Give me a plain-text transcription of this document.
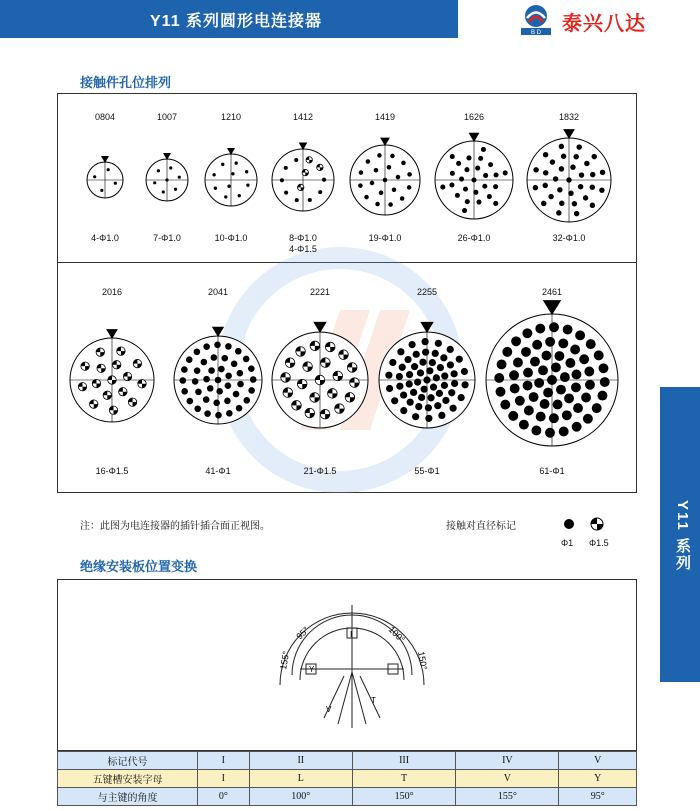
Y11 系列圆形电连接器
B D 泰兴八达
接触件孔位排列
0804
4-Φ1.0
1007
7-Φ1.0
1210
10-Φ1.0
1412
8-Φ1.0
4-Φ1.5
1419
19-Φ1.0
1626
26-Φ1.0
1832
32-Φ1.0
2016
16-Φ1.5
2041
41-Φ1
2221
21-Φ1.5
2255
55-Φ1
2461
61-Φ1
Y11 系列
注：此图为电连接器的插针插合面正视图。	接触对直径标记
Φ1 Φ1.5
绝缘安装板位置变换
95°	100°
155°	150°
I
Y
V
T
标记代号	I	II	III	IV	V
五键槽安装字母	I	L	T	V	Y
与主键的角度	0°	100°	150°	155°	95°
